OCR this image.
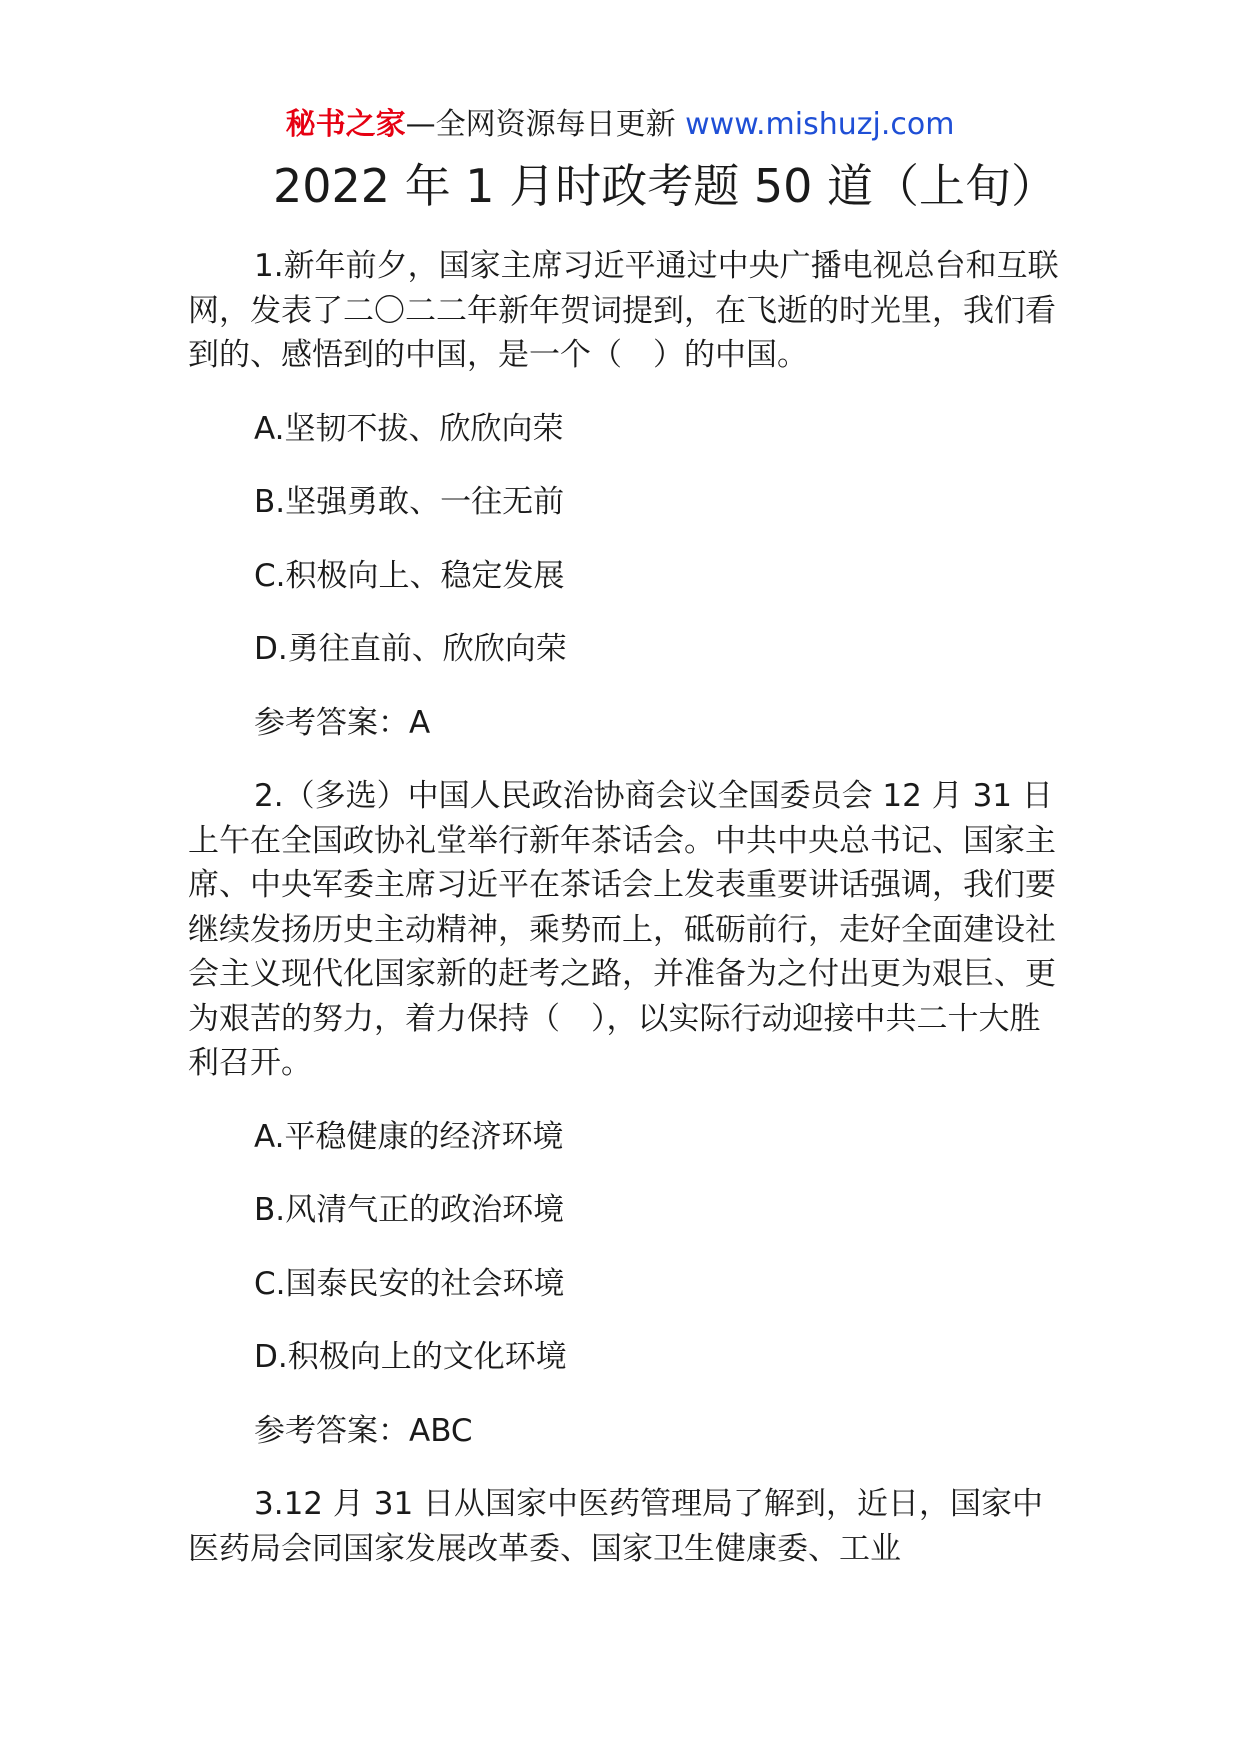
秘书之家—全网资源每日更新 www.mishuzj.com
2022 年 1 月时政考题 50 道（上旬）

1.新年前夕，国家主席习近平通过中央广播电视总台和互联网，发表了二〇二二年新年贺词提到，在飞逝的时光里，我们看到的、感悟到的中国，是一个（　）的中国。

A.坚韧不拔、欣欣向荣

B.坚强勇敢、一往无前

C.积极向上、稳定发展

D.勇往直前、欣欣向荣

参考答案：A

2.（多选）中国人民政治协商会议全国委员会 12 月 31 日上午在全国政协礼堂举行新年茶话会。中共中央总书记、国家主席、中央军委主席习近平在茶话会上发表重要讲话强调，我们要继续发扬历史主动精神，乘势而上，砥砺前行，走好全面建设社会主义现代化国家新的赶考之路，并准备为之付出更为艰巨、更为艰苦的努力，着力保持（　），以实际行动迎接中共二十大胜利召开。

A.平稳健康的经济环境

B.风清气正的政治环境

C.国泰民安的社会环境

D.积极向上的文化环境

参考答案：ABC

3.12 月 31 日从国家中医药管理局了解到，近日，国家中医药局会同国家发展改革委、国家卫生健康委、工业
